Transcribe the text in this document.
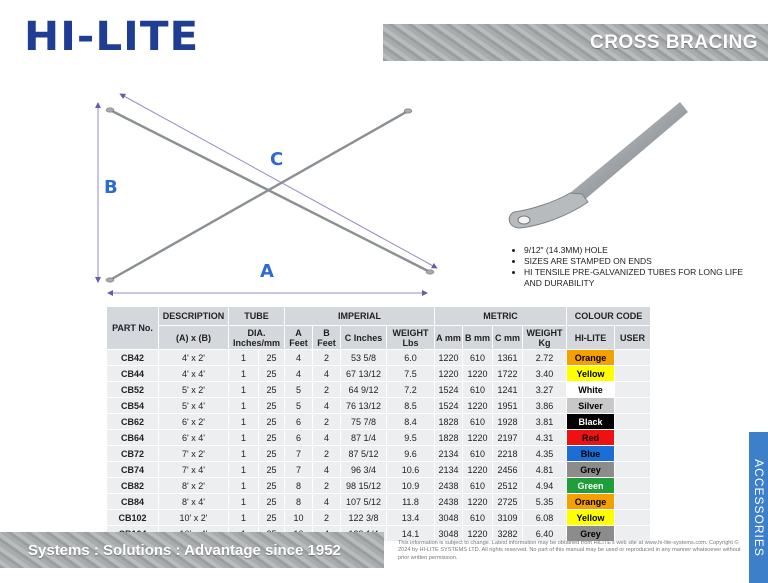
HI-LITE	CROSS BRACING
B
A
C
• 9/12" (14.3MM) HOLE
• SIZES ARE STAMPED ON ENDS
• HI TENSILE PRE-GALVANIZED TUBES FOR LONG LIFE AND DURABILITY
PART No.	DESCRIPTION	TUBE		IMPERIAL				METRIC				COLOUR CODE	
	(A) x (B)	DIA. Inches/mm		A Feet	B Feet	C Inches	WEIGHT Lbs	A mm	B mm	C mm	WEIGHT Kg	HI-LITE	USER
CB42	4' x 2'	1	25	4	2	53 5/8	6.0	1220	610	1361	2.72	Orange	
CB44	4' x 4'	1	25	4	4	67 13/12	7.5	1220	1220	1722	3.40	Yellow	
CB52	5' x 2'	1	25	5	2	64 9/12	7.2	1524	610	1241	3.27	White	
CB54	5' x 4'	1	25	5	4	76 13/12	8.5	1524	1220	1951	3.86	Silver	
CB62	6' x 2'	1	25	6	2	75 7/8	8.4	1828	610	1928	3.81	Black	
CB64	6' x 4'	1	25	6	4	87 1/4	9.5	1828	1220	2197	4.31	Red	
CB72	7' x 2'	1	25	7	2	87 5/12	9.6	2134	610	2218	4.35	Blue	
CB74	7' x 4'	1	25	7	4	96 3/4	10.6	2134	1220	2456	4.81	Grey	
CB82	8' x 2'	1	25	8	2	98 15/12	10.9	2438	610	2512	4.94	Green	
CB84	8' x 4'	1	25	8	4	107 5/12	11.8	2438	1220	2725	5.35	Orange	
CB102	10' x 2'	1	25	10	2	122 3/8	13.4	3048	610	3109	6.08	Yellow	
							14.1	3048	1220	3282	6.40	Grey		ACCESSORIES
Systems : Solutions : Advantage since 1952	This information is subject to change. Latest information may be obtained from HILITE's web site at www.hi-lite-systems.com. Copyright © 2024 by HI-LITE SYSTEMS LTD. All rights reserved. No part of this manual may be used or reproduced in any manner whatsoever without prior written permission.
